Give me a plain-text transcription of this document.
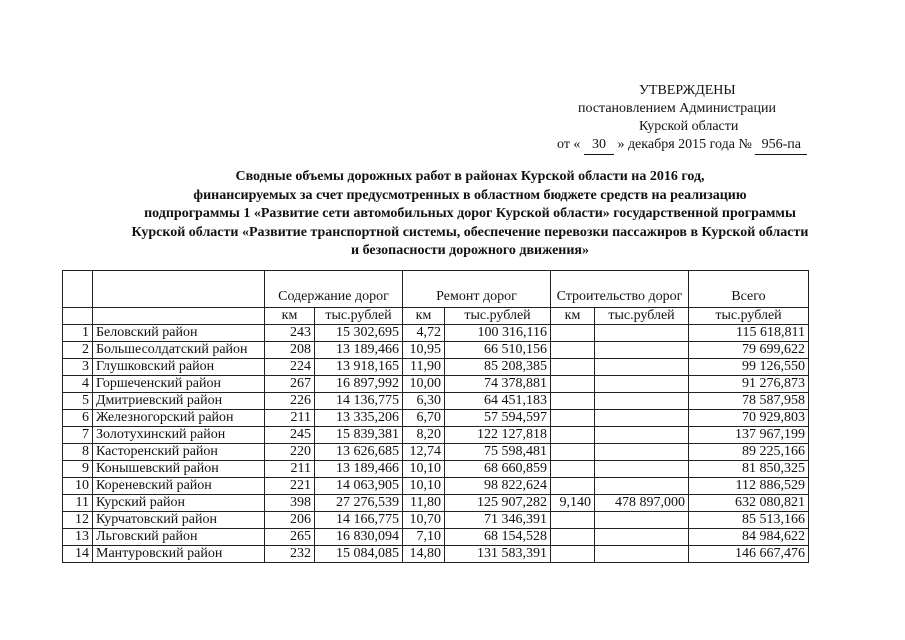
УТВЕРЖДЕНЫ
постановлением Администрации
Курской области
от « 30 » декабря 2015 года № 956-па
Сводные объемы дорожных работ в районах Курской области на 2016 год,
финансируемых за счет предусмотренных в областном бюджете средств на реализацию
подпрограммы 1 «Развитие сети автомобильных дорог Курской области» государственной программы
Курской области «Развитие транспортной системы, обеспечение перевозки пассажиров в Курской области
и безопасности дорожного движения»
		Содержание дорог		Ремонт дорог		Строительство дорог		Всего
		км	тыс.рублей	км	тыс.рублей	км	тыс.рублей	тыс.рублей
1	Беловский район	243	15 302,695	4,72	100 316,116			115 618,811
2	Большесолдатский район	208	13 189,466	10,95	66 510,156			79 699,622
3	Глушковский район	224	13 918,165	11,90	85 208,385			99 126,550
4	Горшеченский район	267	16 897,992	10,00	74 378,881			91 276,873
5	Дмитриевский район	226	14 136,775	6,30	64 451,183			78 587,958
6	Железногорский район	211	13 335,206	6,70	57 594,597			70 929,803
7	Золотухинский район	245	15 839,381	8,20	122 127,818			137 967,199
8	Касторенский район	220	13 626,685	12,74	75 598,481			89 225,166
9	Конышевский район	211	13 189,466	10,10	68 660,859			81 850,325
10	Кореневский район	221	14 063,905	10,10	98 822,624			112 886,529
11	Курский район	398	27 276,539	11,80	125 907,282	9,140	478 897,000	632 080,821
12	Курчатовский район	206	14 166,775	10,70	71 346,391			85 513,166
13	Льговский район	265	16 830,094	7,10	68 154,528			84 984,622
14	Мантуровский район	232	15 084,085	14,80	131 583,391			146 667,476
